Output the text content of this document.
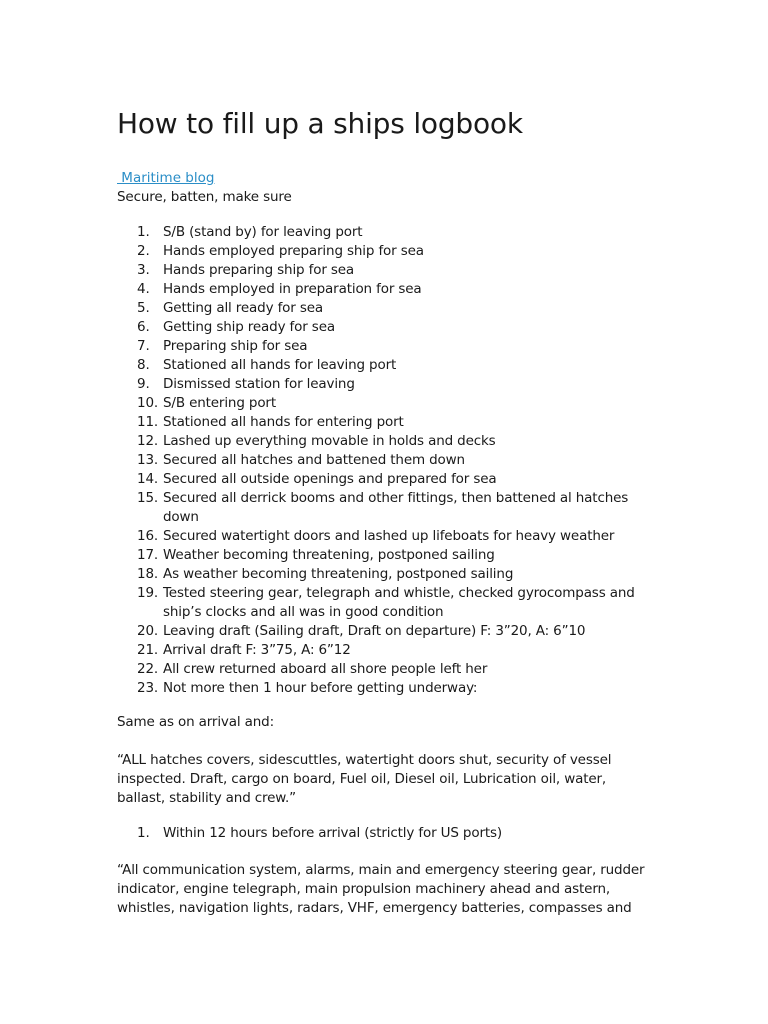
How to fill up a ships logbook
Maritime blog

Secure, batten, make sure

1. S/B (stand by) for leaving port
2. Hands employed preparing ship for sea
3. Hands preparing ship for sea
4. Hands employed in preparation for sea
5. Getting all ready for sea
6. Getting ship ready for sea
7. Preparing ship for sea
8. Stationed all hands for leaving port
9. Dismissed station for leaving
10. S/B entering port
11. Stationed all hands for entering port
12. Lashed up everything movable in holds and decks
13. Secured all hatches and battened them down
14. Secured all outside openings and prepared for sea
15. Secured all derrick booms and other fittings, then battened al hatches down
16. Secured watertight doors and lashed up lifeboats for heavy weather
17. Weather becoming threatening, postponed sailing
18. As weather becoming threatening, postponed sailing
19. Tested steering gear, telegraph and whistle, checked gyrocompass and ship’s clocks and all was in good condition
20. Leaving draft (Sailing draft, Draft on departure) F: 3”20, A: 6”10
21. Arrival draft F: 3”75, A: 6”12
22. All crew returned aboard all shore people left her
23. Not more then 1 hour before getting underway:

Same as on arrival and:

“ALL hatches covers, sidescuttles, watertight doors shut, security of vessel inspected. Draft, cargo on board, Fuel oil, Diesel oil, Lubrication oil, water, ballast, stability and crew.”

1. Within 12 hours before arrival (strictly for US ports)

“All communication system, alarms, main and emergency steering gear, rudder indicator, engine telegraph, main propulsion machinery ahead and astern, whistles, navigation lights, radars, VHF, emergency batteries, compasses and
